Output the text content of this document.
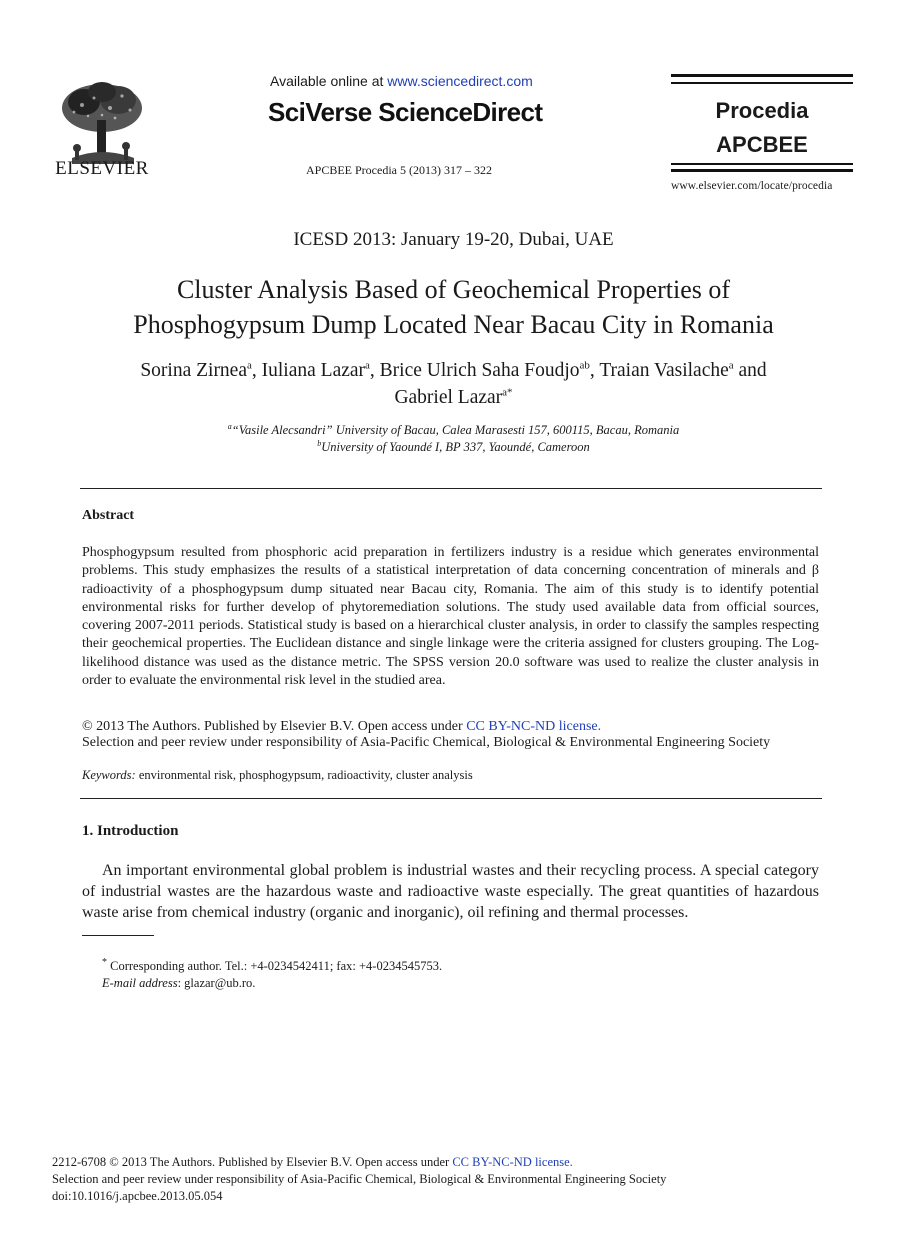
ELSEVIER
Available online at www.sciencedirect.com
SciVerse ScienceDirect
APCBEE Procedia 5 (2013) 317 – 322
Procedia
APCBEE
www.elsevier.com/locate/procedia
ICESD 2013: January 19-20, Dubai, UAE
Cluster Analysis Based of Geochemical Properties of
Phosphogypsum Dump Located Near Bacau City in Romania
Sorina Zirnea$^a$, Iuliana Lazar$^a$, Brice Ulrich Saha Foudjo$^{ab}$, Traian Vasilache$^a$ and
Gabriel Lazar$^{a*}$
$^a$“Vasile Alecsandri” University of Bacau, Calea Marasesti 157, 600115, Bacau, Romania
$^b$University of Yaoundé I, BP 337, Yaoundé, Cameroon
Abstract
Phosphogypsum resulted from phosphoric acid preparation in fertilizers industry is a residue which generates environmental problems. This study emphasizes the results of a statistical interpretation of data concerning concentration of minerals and β radioactivity of a phosphogypsum dump situated near Bacau city, Romania. The aim of this study is to identify potential environmental risks for further develop of phytoremediation solutions. The study used available data from official sources, covering 2007-2011 periods. Statistical study is based on a hierarchical cluster analysis, in order to classify the samples respecting their geochemical properties. The Euclidean distance and single linkage were the criteria assigned for clusters grouping. The Log-likelihood distance was used as the distance metric. The SPSS version 20.0 software was used to realize the cluster analysis in order to evaluate the environmental risk level in the studied area.
© 2013 The Authors. Published by Elsevier B.V. Open access under CC BY-NC-ND license.
Selection and peer review under responsibility of Asia-Pacific Chemical, Biological & Environmental Engineering Society
Keywords: environmental risk, phosphogypsum, radioactivity, cluster analysis
1. Introduction
An important environmental global problem is industrial wastes and their recycling process. A special category of industrial wastes are the hazardous waste and radioactive waste especially. The great quantities of hazardous waste arise from chemical industry (organic and inorganic), oil refining and thermal processes.
* Corresponding author. Tel.: +4-0234542411; fax: +4-0234545753.
E-mail address: glazar@ub.ro.
2212-6708 © 2013 The Authors. Published by Elsevier B.V. Open access under CC BY-NC-ND license.
Selection and peer review under responsibility of Asia-Pacific Chemical, Biological & Environmental Engineering Society
doi:10.1016/j.apcbee.2013.05.054
